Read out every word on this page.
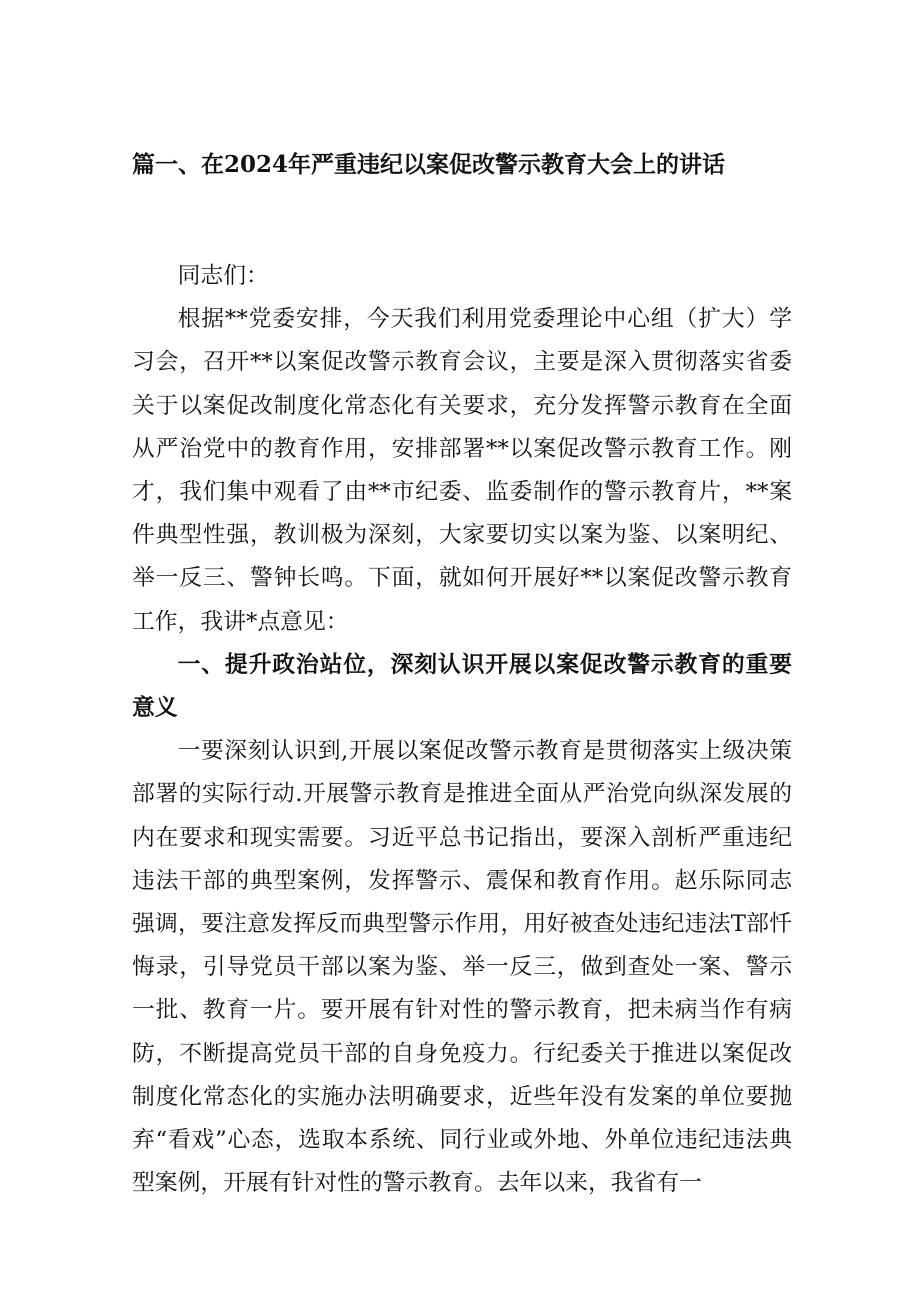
篇一、在2024年严重违纪以案促改警示教育大会上的讲话

同志们：

根据**党委安排，今天我们利用党委理论中心组（扩大）学习会，召开**以案促改警示教育会议，主要是深入贯彻落实省委关于以案促改制度化常态化有关要求，充分发挥警示教育在全面从严治党中的教育作用，安排部署**以案促改警示教育工作。刚才，我们集中观看了由**市纪委、监委制作的警示教育片，**案件典型性强，教训极为深刻，大家要切实以案为鉴、以案明纪、举一反三、警钟长鸣。下面，就如何开展好**以案促改警示教育工作，我讲*点意见：

一、提升政治站位，深刻认识开展以案促改警示教育的重要意义

一要深刻认识到,开展以案促改警示教育是贯彻落实上级决策部署的实际行动.开展警示教育是推进全面从严治党向纵深发展的内在要求和现实需要。习近平总书记指出，要深入剖析严重违纪违法干部的典型案例，发挥警示、震保和教育作用。赵乐际同志强调，要注意发挥反而典型警示作用，用好被查处违纪违法T部忏悔录，引导党员干部以案为鉴、举一反三，做到查处一案、警示一批、教育一片。要开展有针对性的警示教育，把未病当作有病防，不断提高党员干部的自身免疫力。行纪委关于推进以案促改制度化常态化的实施办法明确要求，近些年没有发案的单位要抛弃“看戏”心态，选取本系统、同行业或外地、外单位违纪违法典型案例，开展有针对性的警示教育。去年以来，我省有一
